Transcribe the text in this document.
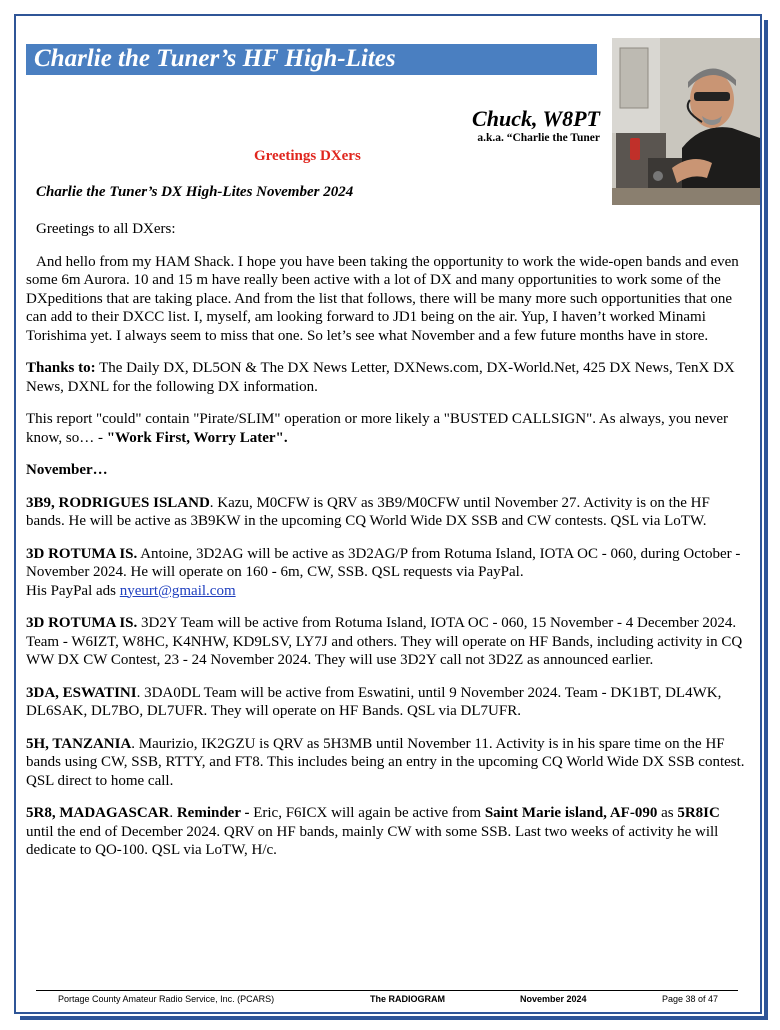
Charlie the Tuner’s HF High-Lites
Chuck, W8PT
a.k.a. “Charlie the Tuner
Greetings DXers
Charlie the Tuner’s DX High-Lites November 2024

Greetings to all DXers:

And hello from my HAM Shack. I hope you have been taking the opportunity to work the wide-open bands and even some 6m Aurora. 10 and 15 m have really been active with a lot of DX and many opportunities to work some of the DXpeditions that are taking place. And from the list that follows, there will be many more such opportunities that one can add to their DXCC list. I, myself, am looking forward to JD1 being on the air. Yup, I haven’t worked Minami Torishima yet. I always seem to miss that one. So let’s see what November and a few future months have in store.

Thanks to: The Daily DX, DL5ON & The DX News Letter, DXNews.com, DX-World.Net, 425 DX News, TenX DX News, DXNL for the following DX information.

This report "could" contain "Pirate/SLIM" operation or more likely a "BUSTED CALLSIGN". As always, you never know, so… - "Work First, Worry Later".

November…

3B9, RODRIGUES ISLAND. Kazu, M0CFW is QRV as 3B9/M0CFW until November 27. Activity is on the HF bands. He will be active as 3B9KW in the upcoming CQ World Wide DX SSB and CW contests. QSL via LoTW.

3D ROTUMA IS. Antoine, 3D2AG will be active as 3D2AG/P from Rotuma Island, IOTA OC - 060, during October - November 2024. He will operate on 160 - 6m, CW, SSB. QSL requests via PayPal.
His PayPal ads nyeurt@gmail.com

3D ROTUMA IS. 3D2Y Team will be active from Rotuma Island, IOTA OC - 060, 15 November - 4 December 2024. Team - W6IZT, W8HC, K4NHW, KD9LSV, LY7J and others. They will operate on HF Bands, including activity in CQ WW DX CW Contest, 23 - 24 November 2024. They will use 3D2Y call not 3D2Z as announced earlier.

3DA, ESWATINI. 3DA0DL Team will be active from Eswatini, until 9 November 2024. Team - DK1BT, DL4WK, DL6SAK, DL7BO, DL7UFR. They will operate on HF Bands. QSL via DL7UFR.

5H, TANZANIA. Maurizio, IK2GZU is QRV as 5H3MB until November 11. Activity is in his spare time on the HF bands using CW, SSB, RTTY, and FT8. This includes being an entry in the upcoming CQ World Wide DX SSB contest. QSL direct to home call.

5R8, MADAGASCAR. Reminder - Eric, F6ICX will again be active from Saint Marie island, AF-090 as 5R8IC until the end of December 2024. QRV on HF bands, mainly CW with some SSB. Last two weeks of activity he will dedicate to QO-100. QSL via LoTW, H/c.

Portage County Amateur Radio Service, Inc. (PCARS)	The RADIOGRAM	November 2024	Page 38 of 47
